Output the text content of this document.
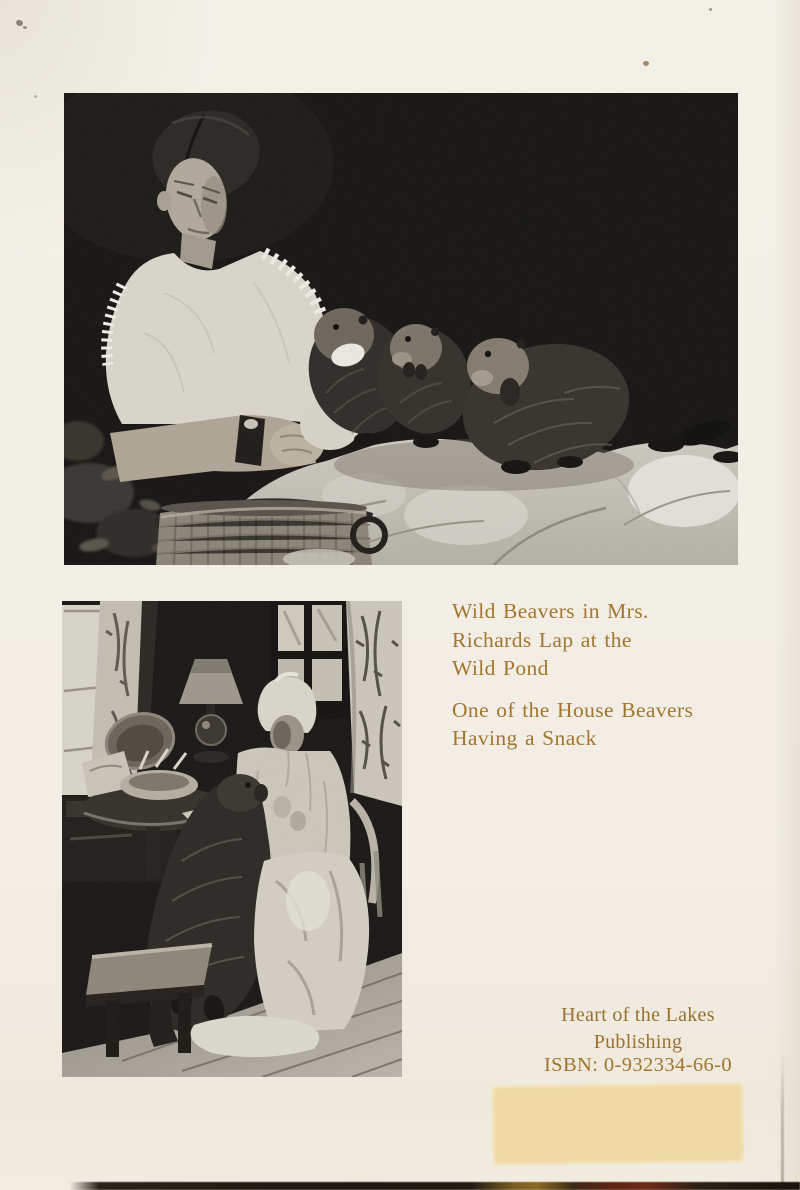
Wild Beavers in Mrs.
Richards Lap at the
Wild Pond
One of the House Beavers
Having a Snack
Heart of the Lakes
Publishing
ISBN: 0-932334-66-0
